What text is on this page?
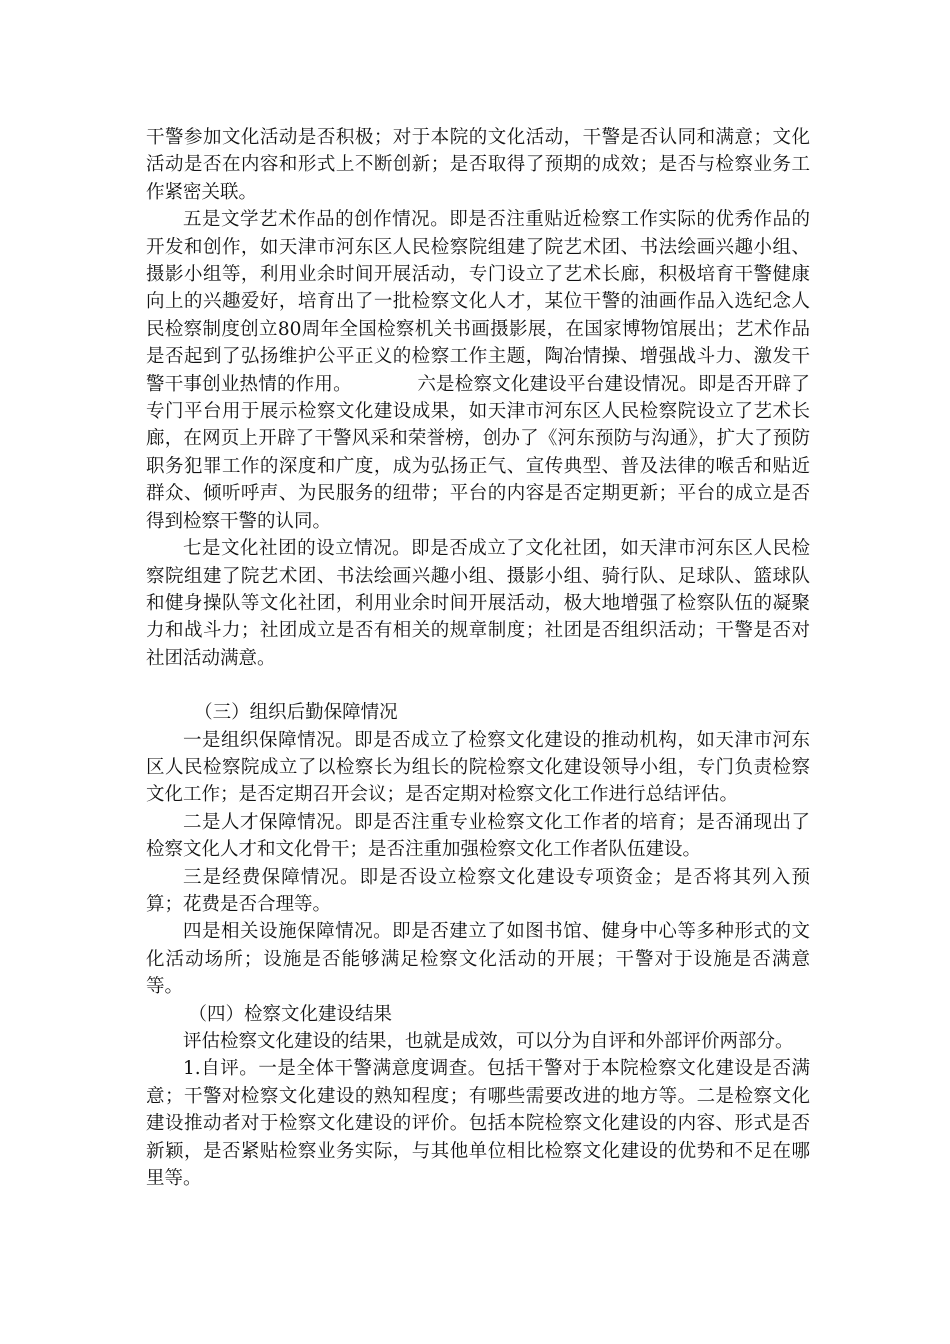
干警参加文化活动是否积极；对于本院的文化活动，干警是否认同和满意；文化活动是否在内容和形式上不断创新；是否取得了预期的成效；是否与检察业务工作紧密关联。

五是文学艺术作品的创作情况。即是否注重贴近检察工作实际的优秀作品的开发和创作，如天津市河东区人民检察院组建了院艺术团、书法绘画兴趣小组、摄影小组等，利用业余时间开展活动，专门设立了艺术长廊，积极培育干警健康向上的兴趣爱好，培育出了一批检察文化人才，某位干警的油画作品入选纪念人民检察制度创立80周年全国检察机关书画摄影展，在国家博物馆展出；艺术作品是否起到了弘扬维护公平正义的检察工作主题，陶冶情操、增强战斗力、激发干警干事创业热情的作用。　　　　六是检察文化建设平台建设情况。即是否开辟了专门平台用于展示检察文化建设成果，如天津市河东区人民检察院设立了艺术长廊，在网页上开辟了干警风采和荣誉榜，创办了《河东预防与沟通》，扩大了预防职务犯罪工作的深度和广度，成为弘扬正气、宣传典型、普及法律的喉舌和贴近群众、倾听呼声、为民服务的纽带；平台的内容是否定期更新；平台的成立是否得到检察干警的认同。

七是文化社团的设立情况。即是否成立了文化社团，如天津市河东区人民检察院组建了院艺术团、书法绘画兴趣小组、摄影小组、骑行队、足球队、篮球队和健身操队等文化社团，利用业余时间开展活动，极大地增强了检察队伍的凝聚力和战斗力；社团成立是否有相关的规章制度；社团是否组织活动；干警是否对社团活动满意。

（三）组织后勤保障情况

一是组织保障情况。即是否成立了检察文化建设的推动机构，如天津市河东区人民检察院成立了以检察长为组长的院检察文化建设领导小组，专门负责检察文化工作；是否定期召开会议；是否定期对检察文化工作进行总结评估。

二是人才保障情况。即是否注重专业检察文化工作者的培育；是否涌现出了检察文化人才和文化骨干；是否注重加强检察文化工作者队伍建设。

三是经费保障情况。即是否设立检察文化建设专项资金；是否将其列入预算；花费是否合理等。

四是相关设施保障情况。即是否建立了如图书馆、健身中心等多种形式的文化活动场所；设施是否能够满足检察文化活动的开展；干警对于设施是否满意等。

（四）检察文化建设结果

评估检察文化建设的结果，也就是成效，可以分为自评和外部评价两部分。

1.自评。一是全体干警满意度调查。包括干警对于本院检察文化建设是否满意；干警对检察文化建设的熟知程度；有哪些需要改进的地方等。二是检察文化建设推动者对于检察文化建设的评价。包括本院检察文化建设的内容、形式是否新颖，是否紧贴检察业务实际，与其他单位相比检察文化建设的优势和不足在哪里等。
